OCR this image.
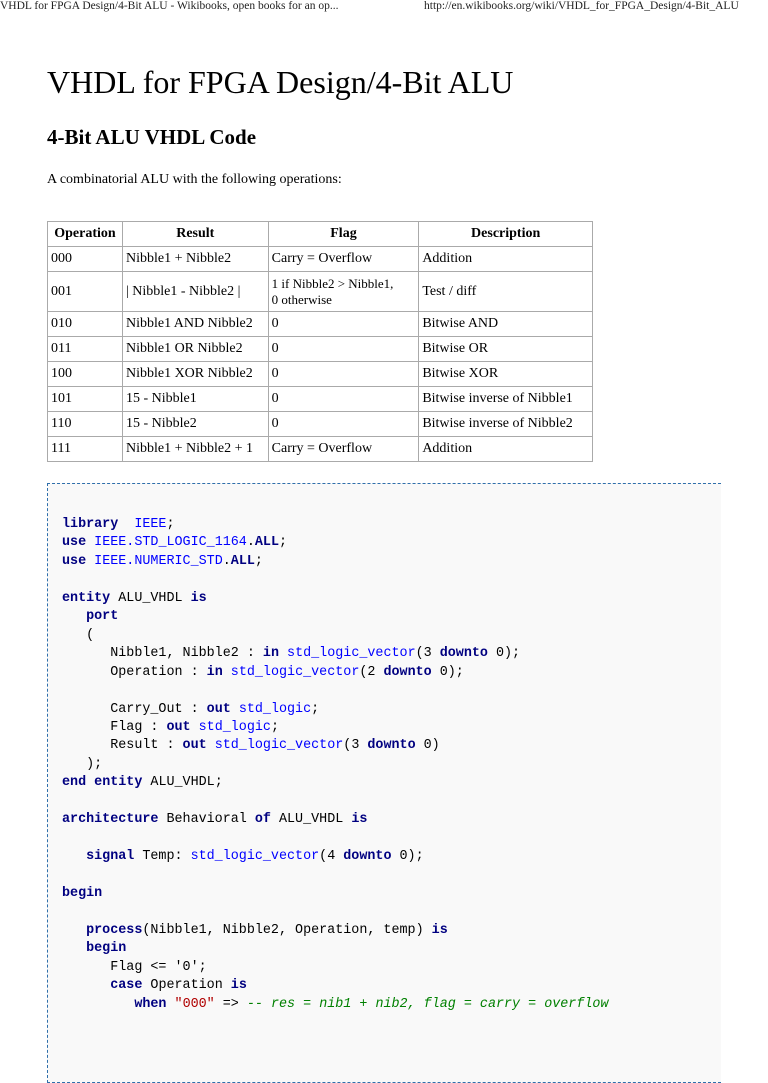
VHDL for FPGA Design/4-Bit ALU - Wikibooks, open books for an op...	http://en.wikibooks.org/wiki/VHDL_for_FPGA_Design/4-Bit_ALU
VHDL for FPGA Design/4-Bit ALU
4-Bit ALU VHDL Code

A combinatorial ALU with the following operations:

Operation	Result	Flag	Description
000	Nibble1 + Nibble2	Carry = Overflow	Addition
001	| Nibble1 - Nibble2 |	1 if Nibble2 > Nibble1,
0 otherwise	Test / diff
010	Nibble1 AND Nibble2	0	Bitwise AND
011	Nibble1 OR Nibble2	0	Bitwise OR
100	Nibble1 XOR Nibble2	0	Bitwise XOR
101	15 - Nibble1	0	Bitwise inverse of Nibble1
110	15 - Nibble2	0	Bitwise inverse of Nibble2
111	Nibble1 + Nibble2 + 1	Carry = Overflow	Addition
library IEEE;
use IEEE.STD_LOGIC_1164.ALL;
use IEEE.NUMERIC_STD.ALL;

entity ALU_VHDL is
port
(
Nibble1, Nibble2 : in std_logic_vector(3 downto 0);
Operation : in std_logic_vector(2 downto 0);

Carry_Out : out std_logic;
Flag : out std_logic;
Result : out std_logic_vector(3 downto 0)
);
end entity ALU_VHDL;

architecture Behavioral of ALU_VHDL is

signal Temp: std_logic_vector(4 downto 0);

begin

process(Nibble1, Nibble2, Operation, temp) is
begin
Flag <= '0';
case Operation is
when "000" => -- res = nib1 + nib2, flag = carry = overflow
